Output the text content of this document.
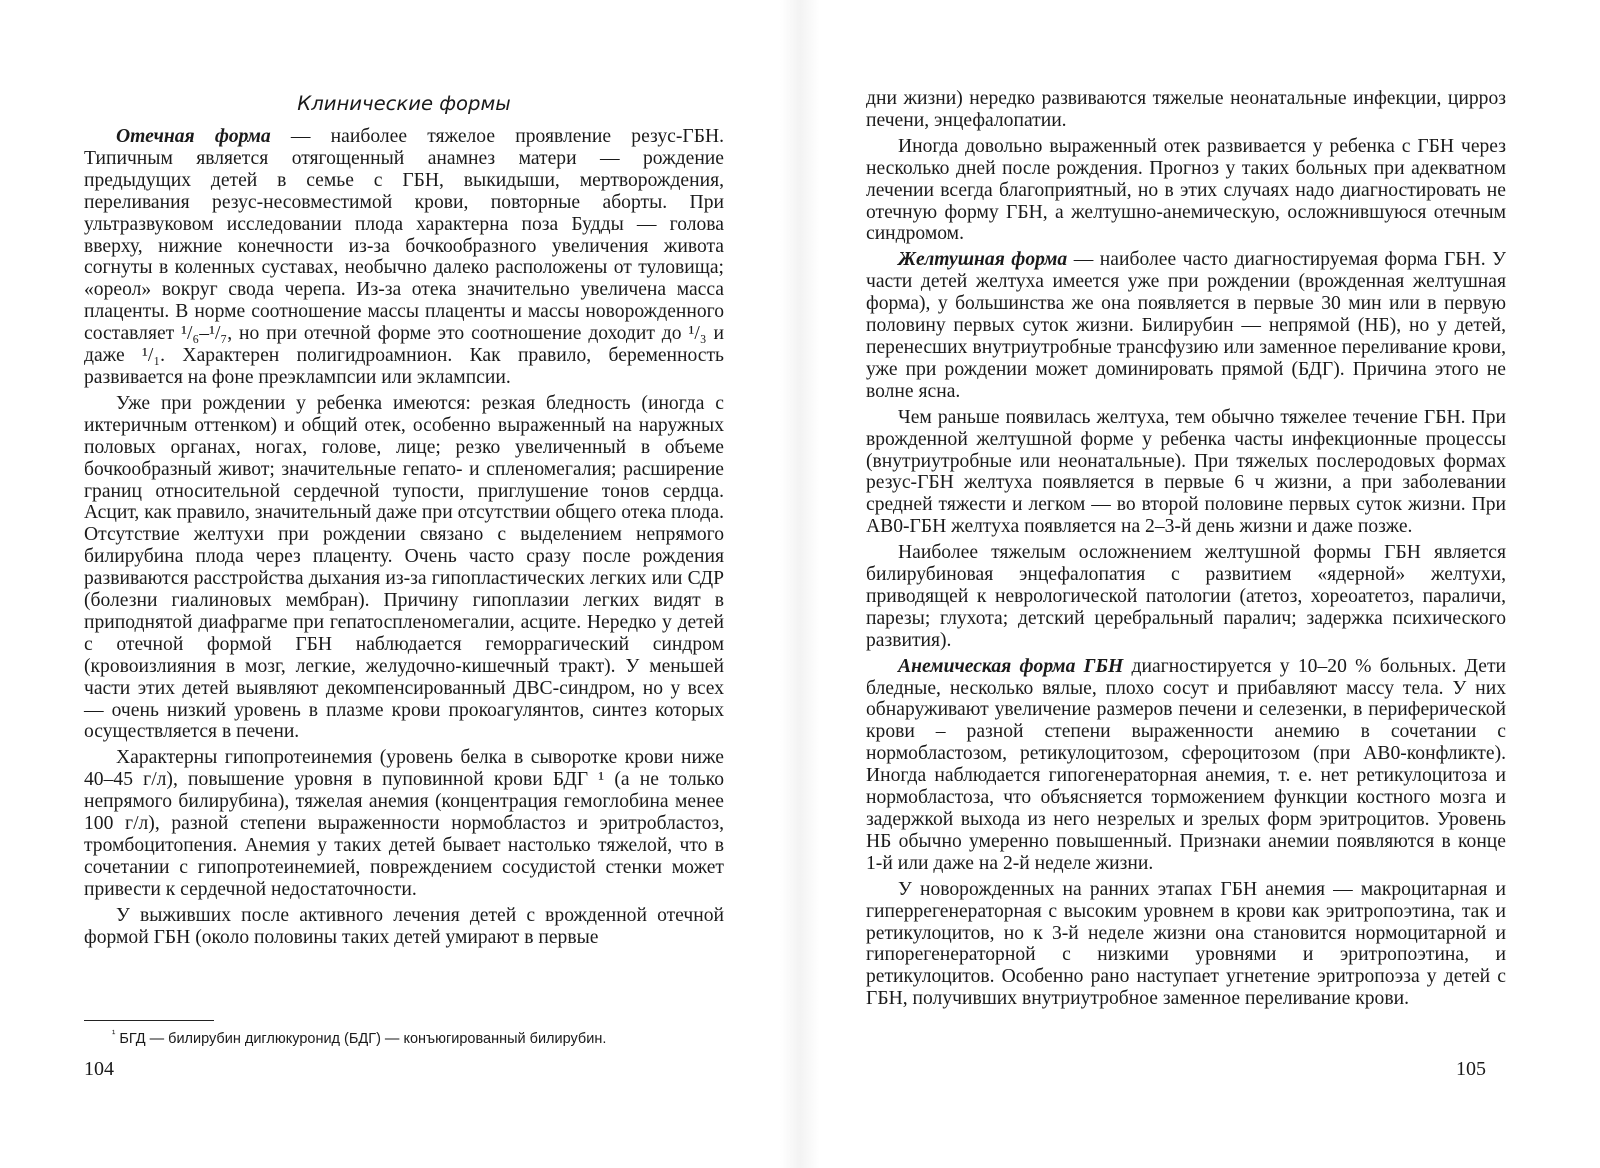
Клинические формы

Отечная форма — наиболее тяжелое проявление резус-ГБН. Типичным является отягощенный анамнез матери — рождение предыдущих детей в семье с ГБН, выкидыши, мертворождения, переливания резус-несовместимой крови, повторные аборты. При ультразвуковом исследовании плода характерна поза Будды — голова вверху, нижние конечности из-за бочкообразного увеличения живота согнуты в коленных суставах, необычно далеко расположены от туловища; «ореол» вокруг свода черепа. Из-за отека значительно увеличена масса плаценты. В норме соотношение массы плаценты и массы новорожденного составляет ¹/₆–¹/₇, но при отечной форме это соотношение доходит до ¹/₃ и даже ¹/₁. Характерен полигидроамнион. Как правило, беременность развивается на фоне преэклампсии или эклампсии.

Уже при рождении у ребенка имеются: резкая бледность (иногда с иктеричным оттенком) и общий отек, особенно выраженный на наружных половых органах, ногах, голове, лице; резко увеличенный в объеме бочкообразный живот; значительные гепато- и спленомегалия; расширение границ относительной сердечной тупости, приглушение тонов сердца. Асцит, как правило, значительный даже при отсутствии общего отека плода. Отсутствие желтухи при рождении связано с выделением непрямого билирубина плода через плаценту. Очень часто сразу после рождения развиваются расстройства дыхания из-за гипопластических легких или СДР (болезни гиалиновых мембран). Причину гипоплазии легких видят в приподнятой диафрагме при гепатоспленомегалии, асците. Нередко у детей с отечной формой ГБН наблюдается геморрагический синдром (кровоизлияния в мозг, легкие, желудочно-кишечный тракт). У меньшей части этих детей выявляют декомпенсированный ДВС-синдром, но у всех — очень низкий уровень в плазме крови прокоагулянтов, синтез которых осуществляется в печени.

Характерны гипопротеинемия (уровень белка в сыворотке крови ниже 40–45 г/л), повышение уровня в пуповинной крови БДГ ¹ (а не только непрямого билирубина), тяжелая анемия (концентрация гемоглобина менее 100 г/л), разной степени выраженности нормобластоз и эритробластоз, тромбоцитопения. Анемия у таких детей бывает настолько тяжелой, что в сочетании с гипопротеинемией, повреждением сосудистой стенки может привести к сердечной недостаточности.

У выживших после активного лечения детей с врожденной отечной формой ГБН (около половины таких детей умирают в первые

$^{^1}$ БГД — билирубин диглюкуронид (БДГ) — конъюгированный билирубин.
104

дни жизни) нередко развиваются тяжелые неонатальные инфекции, цирроз печени, энцефалопатии.

Иногда довольно выраженный отек развивается у ребенка с ГБН через несколько дней после рождения. Прогноз у таких больных при адекватном лечении всегда благоприятный, но в этих случаях надо диагностировать не отечную форму ГБН, а желтушно-анемическую, осложнившуюся отечным синдромом.

Желтушная форма — наиболее часто диагностируемая форма ГБН. У части детей желтуха имеется уже при рождении (врожденная желтушная форма), у большинства же она появляется в первые 30 мин или в первую половину первых суток жизни. Билирубин — непрямой (НБ), но у детей, перенесших внутриутробные трансфузию или заменное переливание крови, уже при рождении может доминировать прямой (БДГ). Причина этого не волне ясна.

Чем раньше появилась желтуха, тем обычно тяжелее течение ГБН. При врожденной желтушной форме у ребенка часты инфекционные процессы (внутриутробные или неонатальные). При тяжелых послеродовых формах резус-ГБН желтуха появляется в первые 6 ч жизни, а при заболевании средней тяжести и легком — во второй половине первых суток жизни. При АВ0-ГБН желтуха появляется на 2–3-й день жизни и даже позже.

Наиболее тяжелым осложнением желтушной формы ГБН является билирубиновая энцефалопатия с развитием «ядерной» желтухи, приводящей к неврологической патологии (атетоз, хореоатетоз, параличи, парезы; глухота; детский церебральный паралич; задержка психического развития).

Анемическая форма ГБН диагностируется у 10–20 % больных. Дети бледные, несколько вялые, плохо сосут и прибавляют массу тела. У них обнаруживают увеличение размеров печени и селезенки, в периферической крови – разной степени выраженности анемию в сочетании с нормобластозом, ретикулоцитозом, сфероцитозом (при АВ0-конфликте). Иногда наблюдается гипогенераторная анемия, т. е. нет ретикулоцитоза и нормобластоза, что объясняется торможением функции костного мозга и задержкой выхода из него незрелых и зрелых форм эритроцитов. Уровень НБ обычно умеренно повышенный. Признаки анемии появляются в конце 1-й или даже на 2-й неделе жизни.

У новорожденных на ранних этапах ГБН анемия — макроцитарная и гиперрегенераторная с высоким уровнем в крови как эритропоэтина, так и ретикулоцитов, но к 3-й неделе жизни она становится нормоцитарной и гипорегенераторной с низкими уровнями и эритропоэтина, и ретикулоцитов. Особенно рано наступает угнетение эритропоэза у детей с ГБН, получивших внутриутробное заменное переливание крови.

105
